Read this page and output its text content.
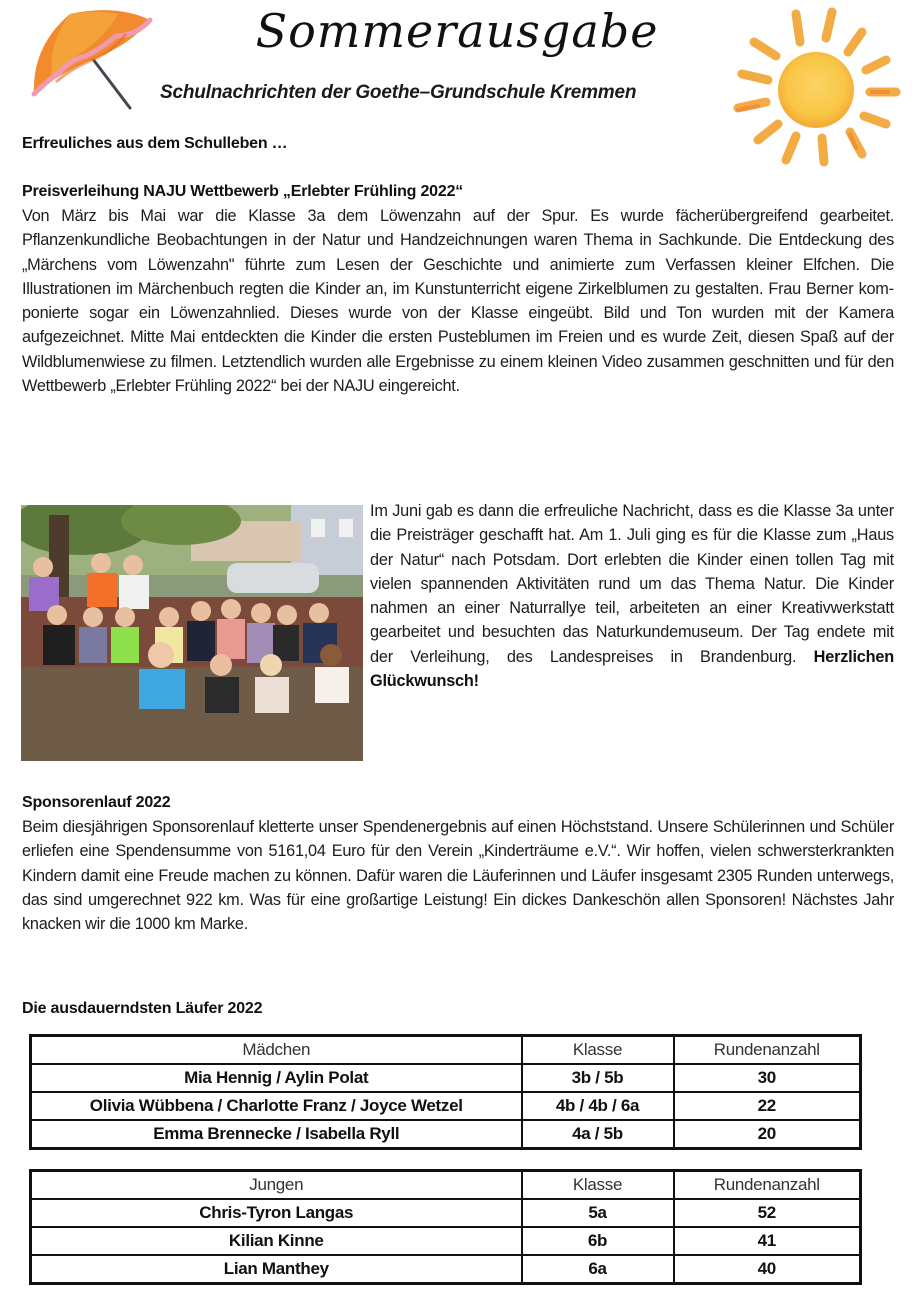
Sommerausgabe
Schulnachrichten der Goethe–Grundschule Kremmen
Erfreuliches aus dem Schulleben …
Preisverleihung NAJU Wettbewerb „Erlebter Frühling 2022“

Von März bis Mai war die Klasse 3a dem Löwenzahn auf der Spur. Es wurde fächerübergreifend gearbeitet. Pflanzenkundliche Beobachtungen in der Natur und Handzeichnungen waren Thema in Sachkunde. Die Entdeckung des „Märchens vom Löwenzahn" führte zum Lesen der Geschichte und animierte zum Verfassen kleiner Elfchen. Die Illustrationen im Märchenbuch regten die Kinder an, im Kunstunterricht eigene Zirkelblumen zu gestalten. Frau Berner komponierte sogar ein Löwenzahnlied. Dieses wurde von der Klasse eingeübt. Bild und Ton wurden mit der Kamera aufgezeichnet. Mitte Mai entdeckten die Kinder die ersten Pusteblumen im Freien und es wurde Zeit, diesen Spaß auf der Wildblumenwiese zu filmen. Letztendlich wurden alle Ergebnisse zu einem kleinen Video zusammen geschnitten und für den Wettbewerb „Erlebter Frühling 2022“ bei der NAJU eingereicht.

Im Juni gab es dann die erfreuliche Nachricht, dass es die Klasse 3a unter die Preisträger geschafft hat. Am 1. Juli ging es für die Klasse zum „Haus der Natur“ nach Potsdam. Dort erlebten die Kinder einen tollen Tag mit vielen spannenden Aktivitäten rund um das Thema Natur. Die Kinder nahmen an einer Naturrallye teil, arbeiteten an einer Kreativwerkstatt gearbeitet und besuchten das Naturkundemuseum. Der Tag endete mit der Verleihung, des Landespreises in Brandenburg. Herzlichen Glückwunsch!

Sponsorenlauf 2022

Beim diesjährigen Sponsorenlauf kletterte unser Spendenergebnis auf einen Höchststand. Unsere Schülerinnen und Schüler erliefen eine Spendensumme von 5161,04 Euro für den Verein „Kinderträume e.V.“. Wir hoffen, vielen schwersterkrankten Kindern damit eine Freude machen zu können. Dafür waren die Läuferinnen und Läufer insgesamt 2305 Runden unterwegs, das sind umgerechnet 922 km. Was für eine großartige Leistung! Ein dickes Dankeschön allen Sponsoren! Nächstes Jahr knacken wir die 1000 km Marke.

Die ausdauerndsten Läufer 2022
Mädchen	Klasse	Rundenanzahl
Mia Hennig / Aylin Polat	3b / 5b	30
Olivia Wübbena / Charlotte Franz / Joyce Wetzel	4b / 4b / 6a	22
Emma Brennecke / Isabella Ryll	4a / 5b	20
Jungen	Klasse	Rundenanzahl
Chris-Tyron Langas	5a	52
Kilian Kinne	6b	41
Lian Manthey	6a	40
